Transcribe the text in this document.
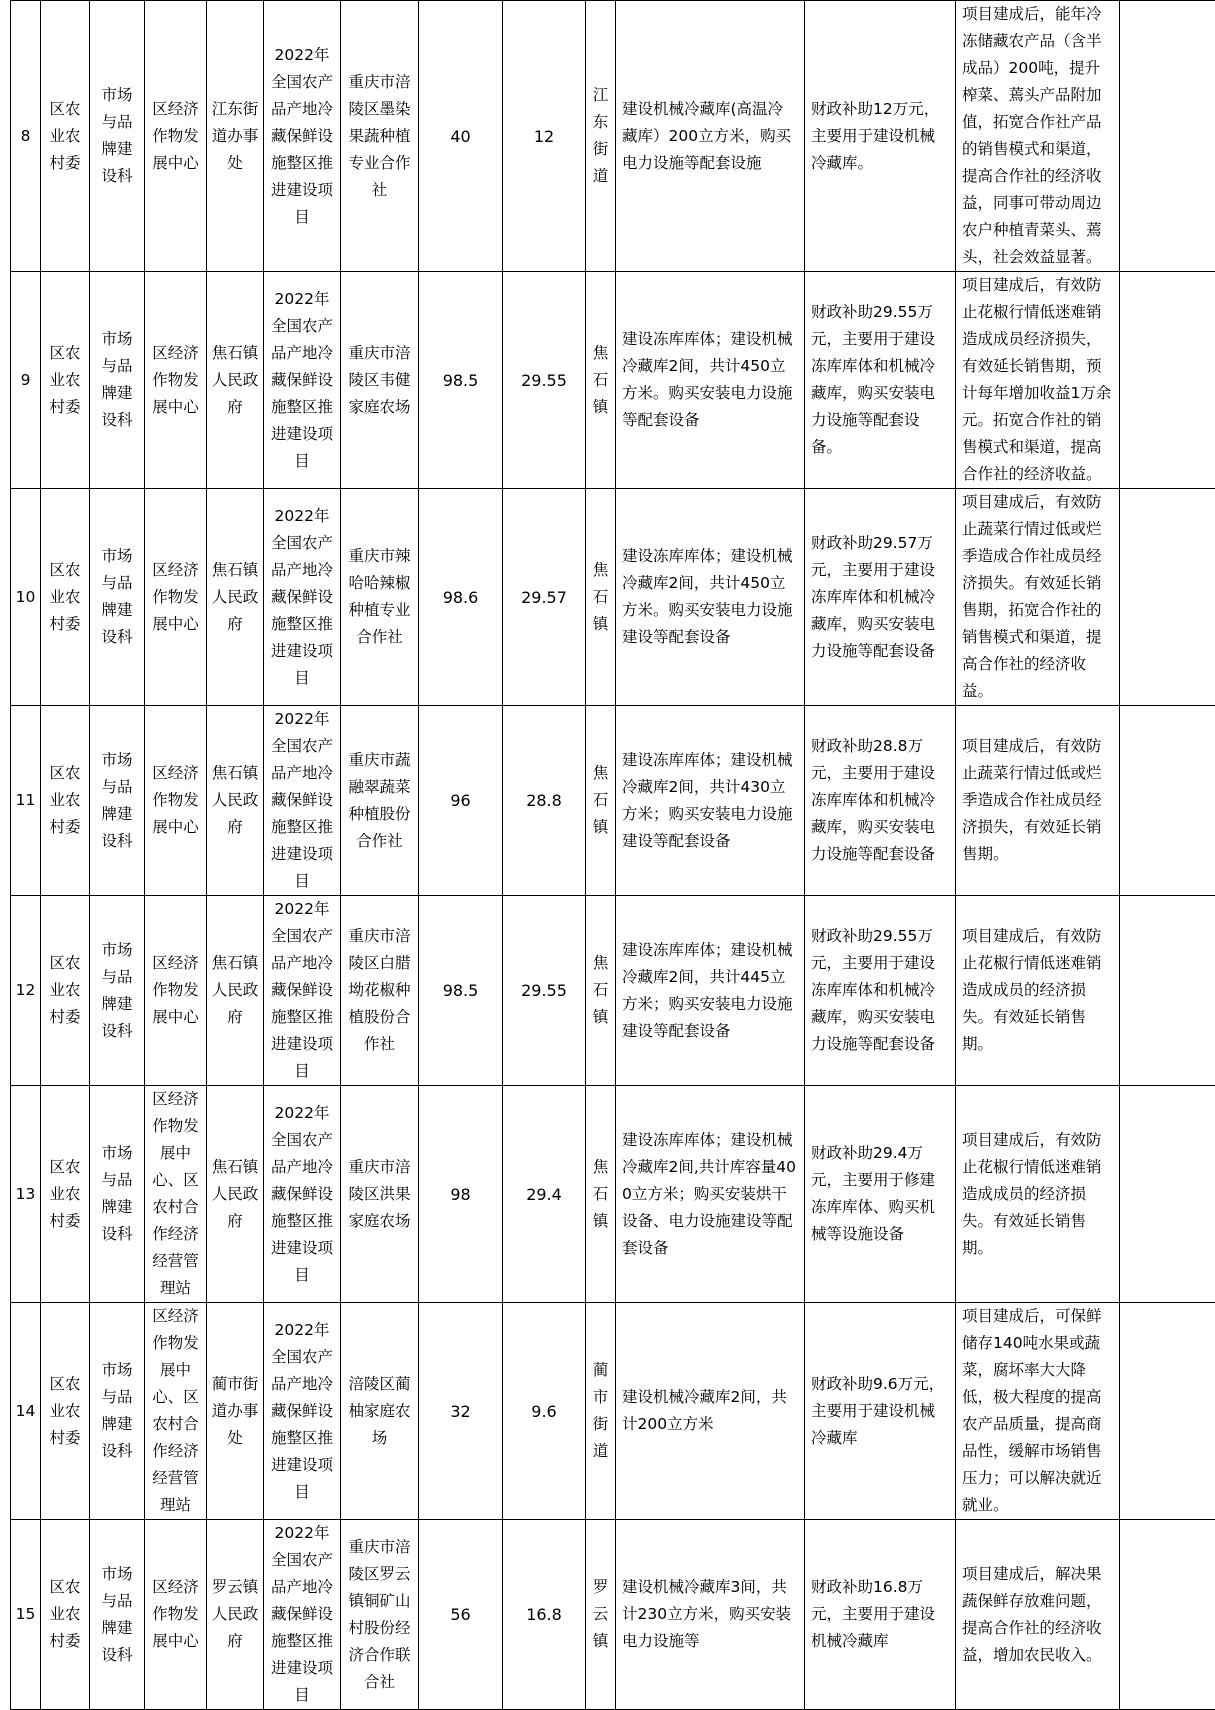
8	区农业农村委	市场与品牌建设科	区经济作物发展中心	江东街道办事处	2022年全国农产品产地冷藏保鲜设施整区推进建设项目	重庆市涪陵区墨染果蔬种植专业合作社	40	12	江东街道	建设机械冷藏库(高温冷藏库）200立方米，购买电力设施等配套设施	财政补助12万元，主要用于建设机械冷藏库。	项目建成后，能年冷冻储藏农产品（含半成品）200吨，提升榨菜、蔫头产品附加值，拓宽合作社产品的销售模式和渠道，提高合作社的经济收益，同事可带动周边农户种植青菜头、蔫头，社会效益显著。	
9	区农业农村委	市场与品牌建设科	区经济作物发展中心	焦石镇人民政府	2022年全国农产品产地冷藏保鲜设施整区推进建设项目	重庆市涪陵区韦健家庭农场	98.5	29.55	焦石镇	建设冻库库体；建设机械冷藏库2间，共计450立方米。购买安装电力设施等配套设备	财政补助29.55万元，主要用于建设冻库库体和机械冷藏库，购买安装电力设施等配套设备。	项目建成后，有效防止花椒行情低迷难销造成成员经济损失，有效延长销售期，预计每年增加收益1万余元。拓宽合作社的销售模式和渠道，提高合作社的经济收益。	
10	区农业农村委	市场与品牌建设科	区经济作物发展中心	焦石镇人民政府	2022年全国农产品产地冷藏保鲜设施整区推进建设项目	重庆市辣哈哈辣椒种植专业合作社	98.6	29.57	焦石镇	建设冻库库体；建设机械冷藏库2间，共计450立方米。购买安装电力设施建设等配套设备	财政补助29.57万元，主要用于建设冻库库体和机械冷藏库，购买安装电力设施等配套设备	项目建成后，有效防止蔬菜行情过低或烂季造成合作社成员经济损失。有效延长销售期，拓宽合作社的销售模式和渠道，提高合作社的经济收益。	
11	区农业农村委	市场与品牌建设科	区经济作物发展中心	焦石镇人民政府	2022年全国农产品产地冷藏保鲜设施整区推进建设项目	重庆市蔬融翠蔬菜种植股份合作社	96	28.8	焦石镇	建设冻库库体；建设机械冷藏库2间，共计430立方米；购买安装电力设施建设等配套设备	财政补助28.8万元，主要用于建设冻库库体和机械冷藏库，购买安装电力设施等配套设备	项目建成后，有效防止蔬菜行情过低或烂季造成合作社成员经济损失，有效延长销售期。	
12	区农业农村委	市场与品牌建设科	区经济作物发展中心	焦石镇人民政府	2022年全国农产品产地冷藏保鲜设施整区推进建设项目	重庆市涪陵区白腊坳花椒种植股份合作社	98.5	29.55	焦石镇	建设冻库库体；建设机械冷藏库2间，共计445立方米；购买安装电力设施建设等配套设备	财政补助29.55万元，主要用于建设冻库库体和机械冷藏库，购买安装电力设施等配套设备	项目建成后，有效防止花椒行情低迷难销造成成员的经济损失。有效延长销售期。	
13	区农业农村委	市场与品牌建设科	区经济作物发展中心、区农村合作经济经营管理站	焦石镇人民政府	2022年全国农产品产地冷藏保鲜设施整区推进建设项目	重庆市涪陵区洪果家庭农场	98	29.4	焦石镇	建设冻库库体；建设机械冷藏库2间,共计库容量400立方米；购买安装烘干设备、电力设施建设等配套设备	财政补助29.4万元，主要用于修建冻库库体、购买机械等设施设备	项目建成后，有效防止花椒行情低迷难销造成成员的经济损失。有效延长销售期。	
14	区农业农村委	市场与品牌建设科	区经济作物发展中心、区农村合作经济经营管理站	蔺市街道办事处	2022年全国农产品产地冷藏保鲜设施整区推进建设项目	涪陵区蔺柚家庭农场	32	9.6	蔺市街道	建设机械冷藏库2间，共计200立方米	财政补助9.6万元，主要用于建设机械冷藏库	项目建成后，可保鲜储存140吨水果或蔬菜，腐坏率大大降低，极大程度的提高农产品质量，提高商品性，缓解市场销售压力；可以解决就近就业。	
15	区农业农村委	市场与品牌建设科	区经济作物发展中心	罗云镇人民政府	2022年全国农产品产地冷藏保鲜设施整区推进建设项目	重庆市涪陵区罗云镇铜矿山村股份经济合作联合社	56	16.8	罗云镇	建设机械冷藏库3间，共计230立方米，购买安装电力设施等	财政补助16.8万元，主要用于建设机械冷藏库	项目建成后，解决果蔬保鲜存放难问题，提高合作社的经济收益，增加农民收入。	
